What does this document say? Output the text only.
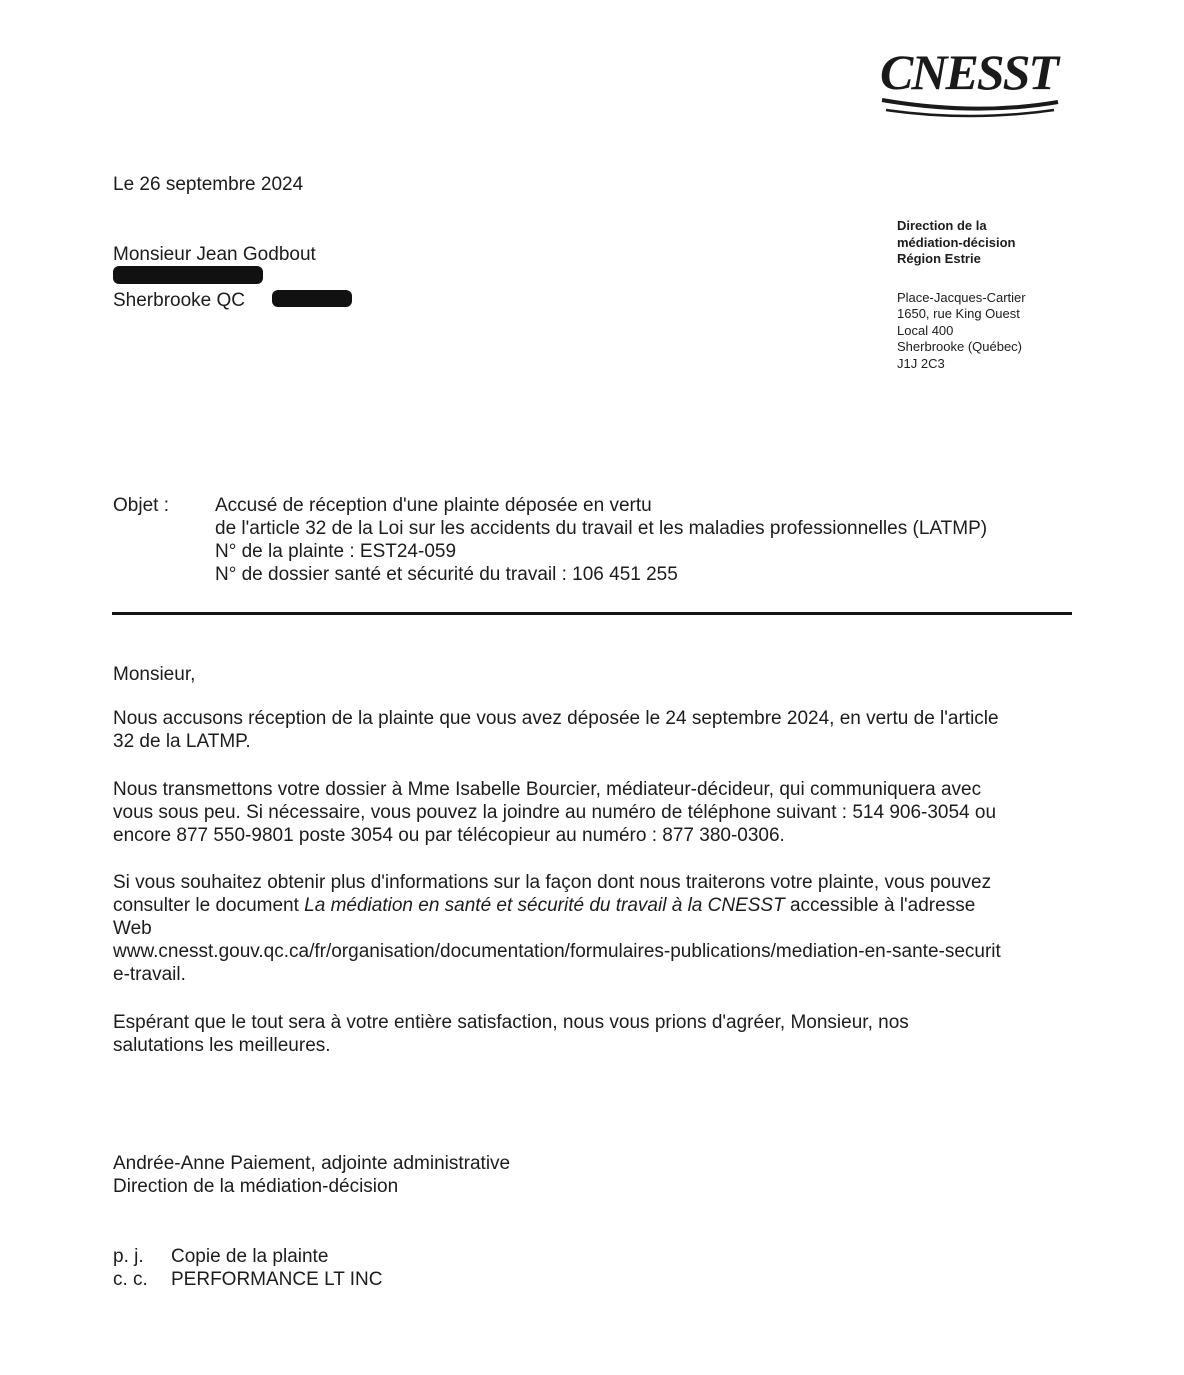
CNESST
Le 26 septembre 2024
Monsieur Jean Godbout
Sherbrooke QC
Direction de la
médiation-décision
Région Estrie
Place-Jacques-Cartier
1650, rue King Ouest
Local 400
Sherbrooke (Québec)
J1J 2C3
Objet : Accusé de réception d'une plainte déposée en vertu
de l'article 32 de la Loi sur les accidents du travail et les maladies professionnelles (LATMP)
N° de la plainte : EST24-059
N° de dossier santé et sécurité du travail : 106 451 255
Monsieur,
Nous accusons réception de la plainte que vous avez déposée le 24 septembre 2024, en vertu de l'article
32 de la LATMP.
Nous transmettons votre dossier à Mme Isabelle Bourcier, médiateur-décideur, qui communiquera avec
vous sous peu. Si nécessaire, vous pouvez la joindre au numéro de téléphone suivant : 514 906-3054 ou
encore 877 550-9801 poste 3054 ou par télécopieur au numéro : 877 380-0306.
Si vous souhaitez obtenir plus d'informations sur la façon dont nous traiterons votre plainte, vous pouvez
consulter le document La médiation en santé et sécurité du travail à la CNESST accessible à l'adresse
Web
www.cnesst.gouv.qc.ca/fr/organisation/documentation/formulaires-publications/mediation-en-sante-securit
e-travail.
Espérant que le tout sera à votre entière satisfaction, nous vous prions d'agréer, Monsieur, nos
salutations les meilleures.
Andrée-Anne Paiement, adjointe administrative
Direction de la médiation-décision
p. j.	Copie de la plainte
c. c.	PERFORMANCE LT INC
